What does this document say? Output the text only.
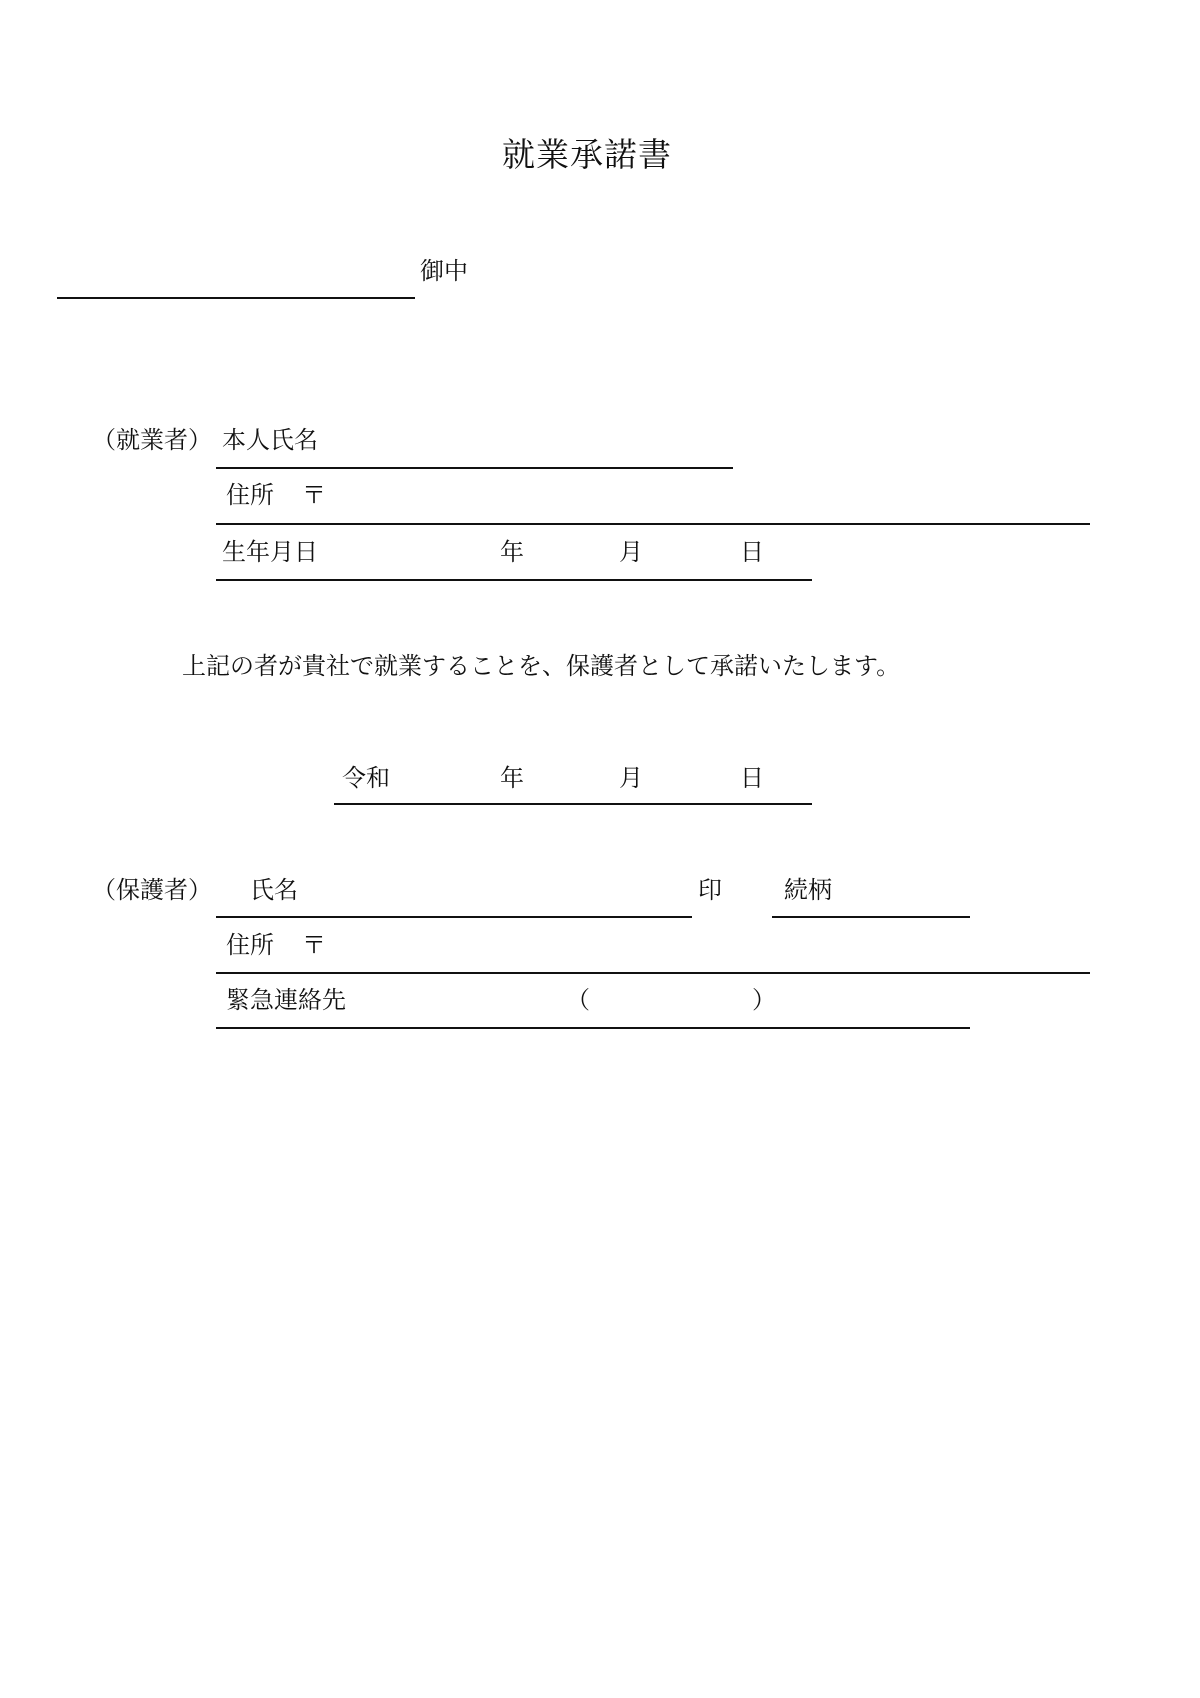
就業承諾書
御中
（就業者） 本人氏名
住所 〒
生年月日	年	月	日
上記の者が貴社で就業することを、保護者として承諾いたします。
令和	年	月	日
（保護者） 氏名	印	続柄
住所 〒
緊急連絡先	（	）
